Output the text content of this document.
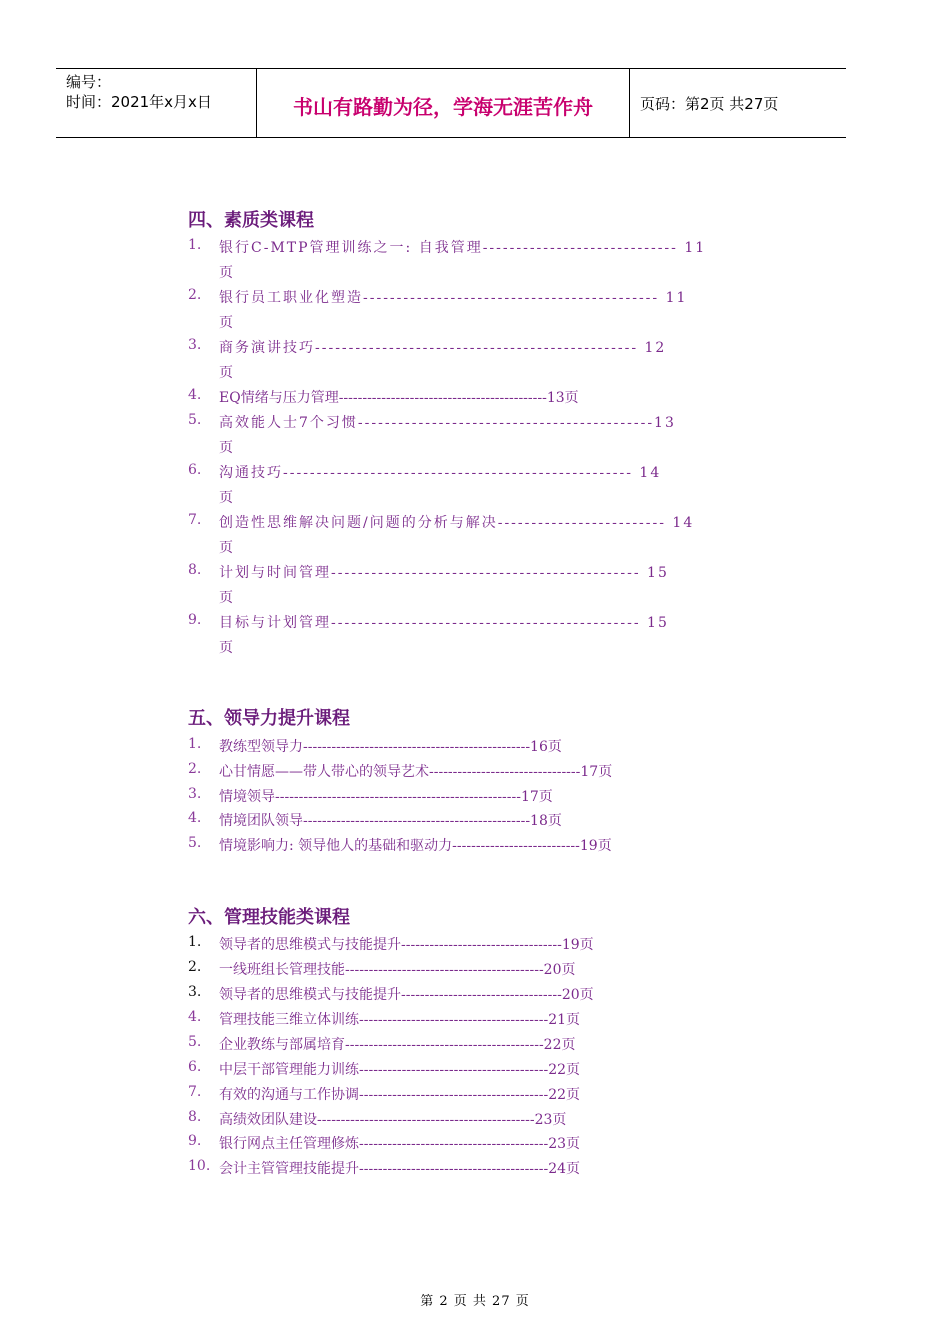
编号：
时间：2021年x月x日	书山有路勤为径，学海无涯苦作舟	页码：第2页 共27页
四、素质类课程
1.	银行C-MTP管理训练之一: 自我管理----------------------------- 11
页
2.	银行员工职业化塑造-------------------------------------------- 11
页
3.	商务演讲技巧------------------------------------------------ 12
页
4.	EQ情绪与压力管理--------------------------------------------13页
5.	高效能人士7个习惯--------------------------------------------13
页
6.	沟通技巧---------------------------------------------------- 14
页
7.	创造性思维解决问题/问题的分析与解决------------------------- 14
页
8.	计划与时间管理---------------------------------------------- 15
页
9.	目标与计划管理---------------------------------------------- 15
页
五、领导力提升课程
1.	教练型领导力------------------------------------------------16页
2.	心甘情愿——带人带心的领导艺术--------------------------------17页
3.	情境领导----------------------------------------------------17页
4.	情境团队领导------------------------------------------------18页
5.	情境影响力: 领导他人的基础和驱动力---------------------------19页
六、管理技能类课程
1.	领导者的思维模式与技能提升----------------------------------19页
2.	一线班组长管理技能------------------------------------------20页
3.	领导者的思维模式与技能提升----------------------------------20页
4.	管理技能三维立体训练----------------------------------------21页
5.	企业教练与部属培育------------------------------------------22页
6.	中层干部管理能力训练----------------------------------------22页
7.	有效的沟通与工作协调----------------------------------------22页
8.	高绩效团队建设----------------------------------------------23页
9.	银行网点主任管理修炼----------------------------------------23页
10. 会计主管管理技能提升----------------------------------------24页
第 2 页 共 27 页
